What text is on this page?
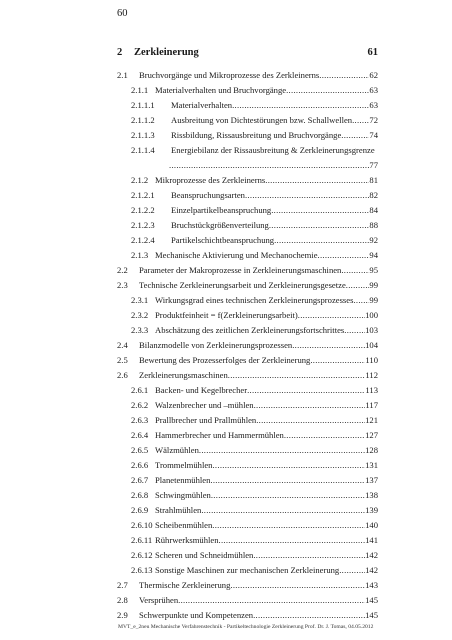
60
2	Zerkleinerung	61
2.1	Bruchvorgänge und Mikroprozesse des Zerkleinerns .....	62
2.1.1 Materialverhalten und Bruchvorgänge .....	63
2.1.1.1	Materialverhalten .....	63
2.1.1.2	Ausbreitung von Dichtestörungen bzw. Schallwellen ..... 72
2.1.1.3	Rissbildung, Rissausbreitung und Bruchvorgänge .....	74
2.1.1.4	Energiebilanz der Rissausbreitung & Zerkleinerungsgrenze
.....
77
2.1.2 Mikroprozesse des Zerkleinerns .....	81
2.1.2.1	Beanspruchungsarten .....	82
2.1.2.2	Einzelpartikelbeanspruchung .....	84
2.1.2.3	Bruchstückgrößenverteilung .....	88
2.1.2.4	Partikelschichtbeanspruchung .....	92
2.1.3 Mechanische Aktivierung und Mechanochemie .....	94
2.2	Parameter der Makroprozesse in Zerkleinerungsmaschinen .....	95
2.3	Technische Zerkleinerungsarbeit und Zerkleinerungsgesetze .....	99
2.3.1 Wirkungsgrad eines technischen Zerkleinerungsprozesses ..... 99
2.3.2 Produktfeinheit = f(Zerkleinerungsarbeit) .....	100
2.3.3 Abschätzung des zeitlichen Zerkleinerungsfortschrittes ..... 103
2.4	Bilanzmodelle von Zerkleinerungsprozessen .....	104
2.5	Bewertung des Prozesserfolges der Zerkleinerung .....	110
2.6	Zerkleinerungsmaschinen .....	112
2.6.1 Backen- und Kegelbrecher .....	113
2.6.2 Walzenbrecher und –mühlen .....	117
2.6.3 Prallbrecher und Prallmühlen .....	121
2.6.4 Hammerbrecher und Hammermühlen .....	127
2.6.5 Wälzmühlen .....	128
2.6.6 Trommelmühlen .....	131
2.6.7 Planetenmühlen .....	137
2.6.8 Schwingmühlen .....	138
2.6.9 Strahlmühlen .....	139
2.6.10 Scheibenmühlen .....	140
2.6.11 Rührwerksmühlen .....	141
2.6.12 Scheren und Schneidmühlen .....	142
2.6.13 Sonstige Maschinen zur mechanischen Zerkleinerung .....	142
2.7	Thermische Zerkleinerung .....	143
2.8	Versprühen .....	145
2.9	Schwerpunkte und Kompetenzen .....	145
MVT_e_2neu Mechanische Verfahrenstechnik - Partikeltechnologie Zerkleinerung Prof. Dr. J. Tomas, 04.05.2012
